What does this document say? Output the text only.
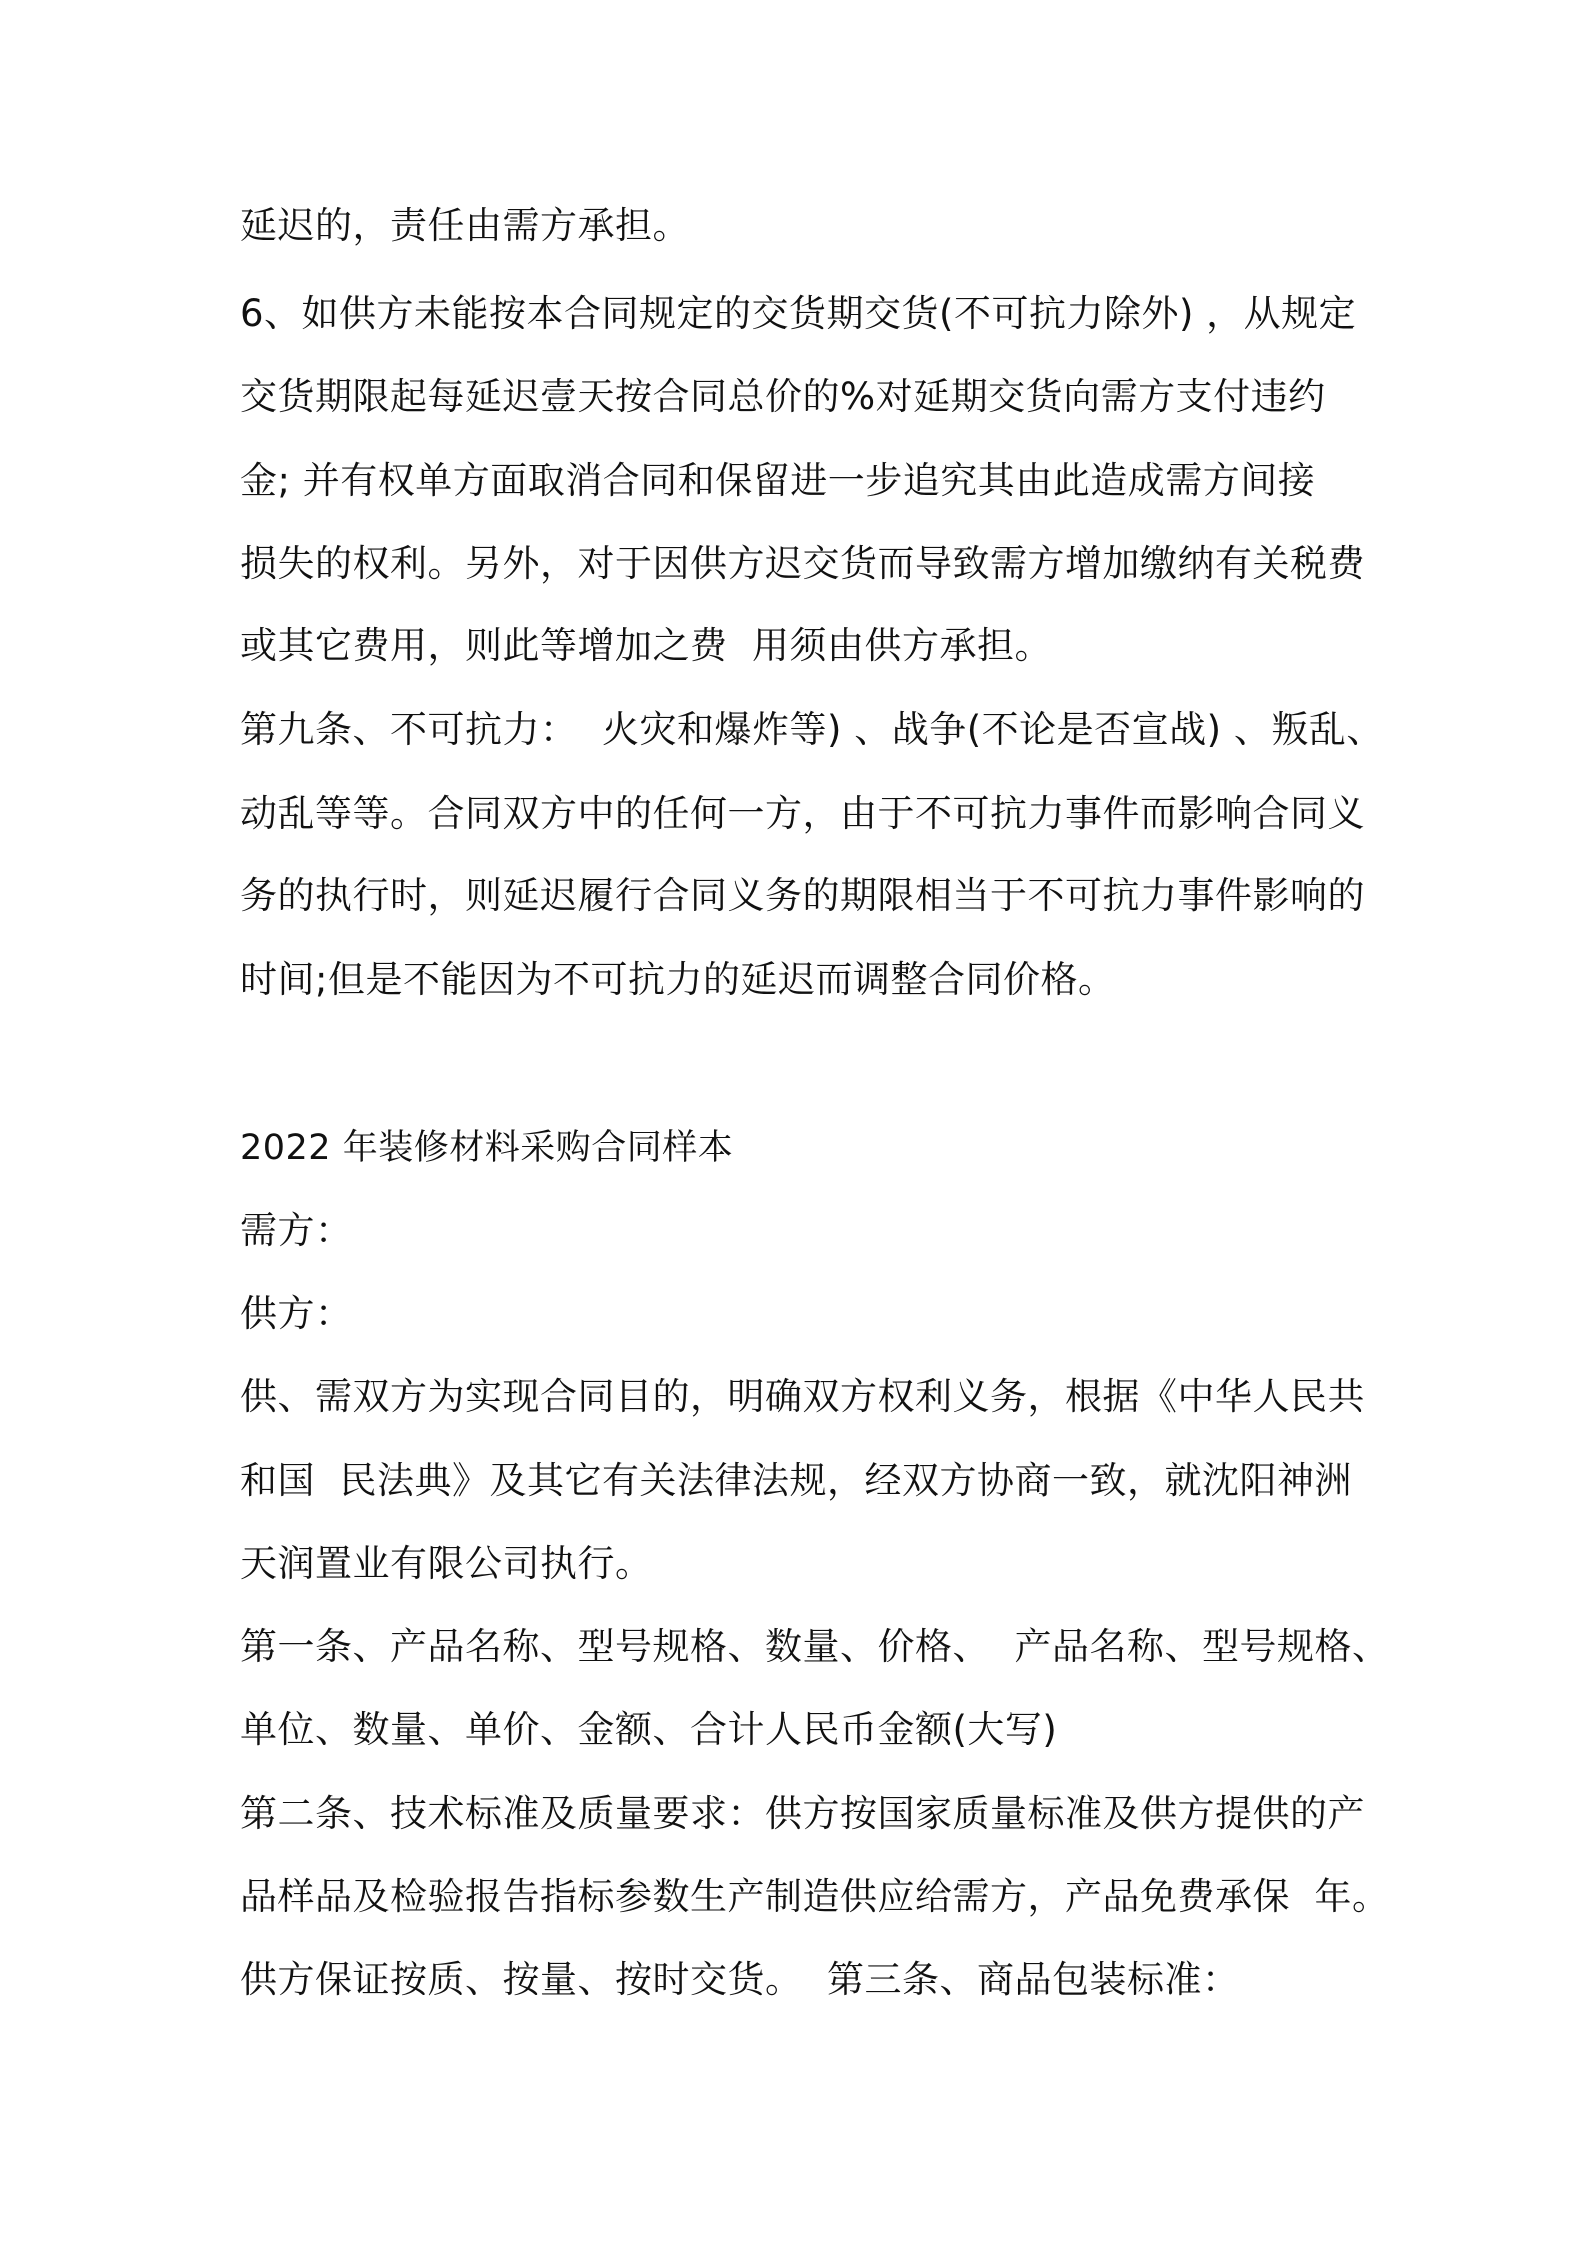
延迟的，责任由需方承担。
6、如供方未能按本合同规定的交货期交货(不可抗力除外) ，从规定
交货期限起每延迟壹天按合同总价的%对延期交货向需方支付违约
金; 并有权单方面取消合同和保留进一步追究其由此造成需方间接
损失的权利。另外，对于因供方迟交货而导致需方增加缴纳有关税费
或其它费用，则此等增加之费  用须由供方承担。
第九条、不可抗力：  火灾和爆炸等) 、战争(不论是否宣战) 、叛乱、
动乱等等。合同双方中的任何一方，由于不可抗力事件而影响合同义
务的执行时，则延迟履行合同义务的期限相当于不可抗力事件影响的
时间;但是不能因为不可抗力的延迟而调整合同价格。
2022 年装修材料采购合同样本
需方：
供方：
供、需双方为实现合同目的，明确双方权利义务，根据《中华人民共
和国  民法典》及其它有关法律法规，经双方协商一致，就沈阳神洲
天润置业有限公司执行。
第一条、产品名称、型号规格、数量、价格、  产品名称、型号规格、
单位、数量、单价、金额、合计人民币金额(大写)
第二条、技术标准及质量要求：供方按国家质量标准及供方提供的产
品样品及检验报告指标参数生产制造供应给需方，产品免费承保  年。
供方保证按质、按量、按时交货。  第三条、商品包装标准：
